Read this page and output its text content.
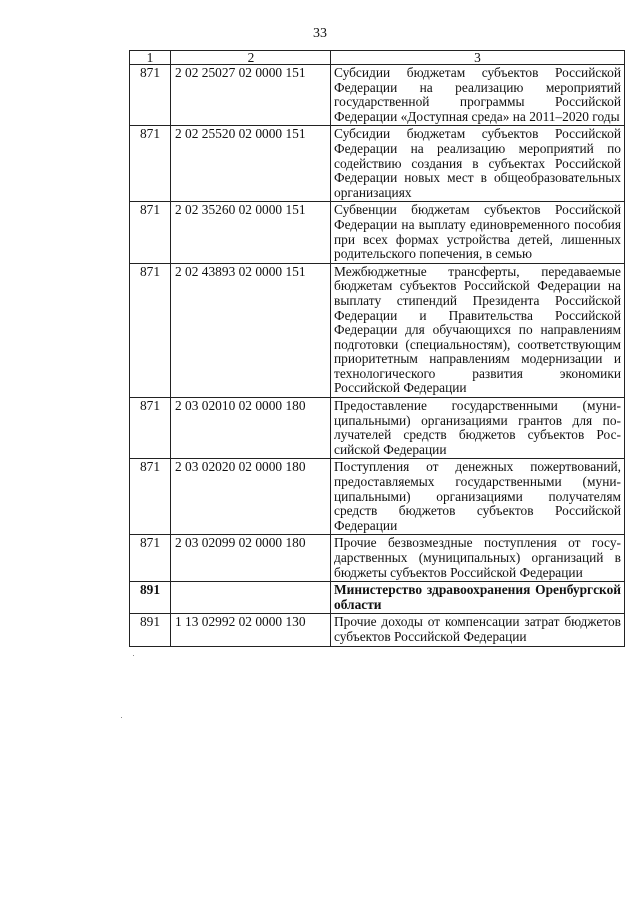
33
1	2	3
871	2 02 25027 02 0000 151	Субсидии бюджетам субъектов Российской Федерации на реализацию мероприятий государственной программы Российской Федерации «Доступная среда» на 2011–2020 годы
871	2 02 25520 02 0000 151	Субсидии бюджетам субъектов Российской Федерации на реализацию мероприятий по содействию создания в субъектах Российской Федерации новых мест в общеобразовательных организациях
871	2 02 35260 02 0000 151	Субвенции бюджетам субъектов Российской Федерации на выплату единовременного пособия при всех формах устройства детей, лишенных родительского попечения, в семью
871	2 02 43893 02 0000 151	Межбюджетные трансферты, передаваемые бюджетам субъектов Российской Федерации на выплату стипендий Президента Российской Федерации и Правительства Российской Федерации для обучающихся по направлениям подготовки (специальностям), соответствующим приоритетным направлениям модернизации и технологического развития экономики Российской Федерации
871	2 03 02010 02 0000 180	Предоставление государственными (муниципальными) организациями грантов для получателей средств бюджетов субъектов Российской Федерации
871	2 03 02020 02 0000 180	Поступления от денежных пожертвований, предоставляемых государственными (муниципальными) организациями получателям средств бюджетов субъектов Российской Федерации
871	2 03 02099 02 0000 180	Прочие безвозмездные поступления от государственных (муниципальных) организаций в бюджеты субъектов Российской Федерации
891		Министерство здравоохранения Оренбургской области
891	1 13 02992 02 0000 130	Прочие доходы от компенсации затрат бюджетов субъектов Российской Федерации
